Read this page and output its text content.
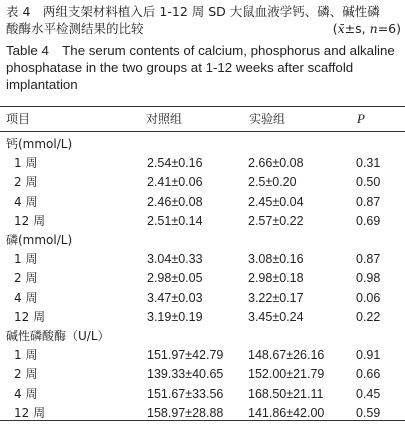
表 4　两组支架材料植入后 1-12 周 SD 大鼠血液学钙、磷、碱性磷
酸酶水平检测结果的比较	(x̄±s, n=6)
Table 4　The serum contents of calcium, phosphorus and alkaline phosphatase in the two groups at 1-12 weeks after scaffold implantation
项目	对照组	实验组	P
钙(mmol/L)
1 周	2.54±0.16	2.66±0.08	0.31
2 周	2.41±0.06	2.5±0.20	0.50
4 周	2.46±0.08	2.45±0.04	0.87
12 周	2.51±0.14	2.57±0.22	0.69
磷(mmol/L)
1 周	3.04±0.33	3.08±0.16	0.87
2 周	2.98±0.05	2.98±0.18	0.98
4 周	3.47±0.03	3.22±0.17	0.06
12 周	3.19±0.19	3.45±0.24	0.22
碱性磷酸酶（U/L）
1 周	151.97±42.79 148.67±26.16	0.91
2 周	139.33±40.65 152.00±21.79	0.66
4 周	151.67±33.56 168.50±21.11	0.45
12 周	158.97±28.88 141.86±42.00	0.59
